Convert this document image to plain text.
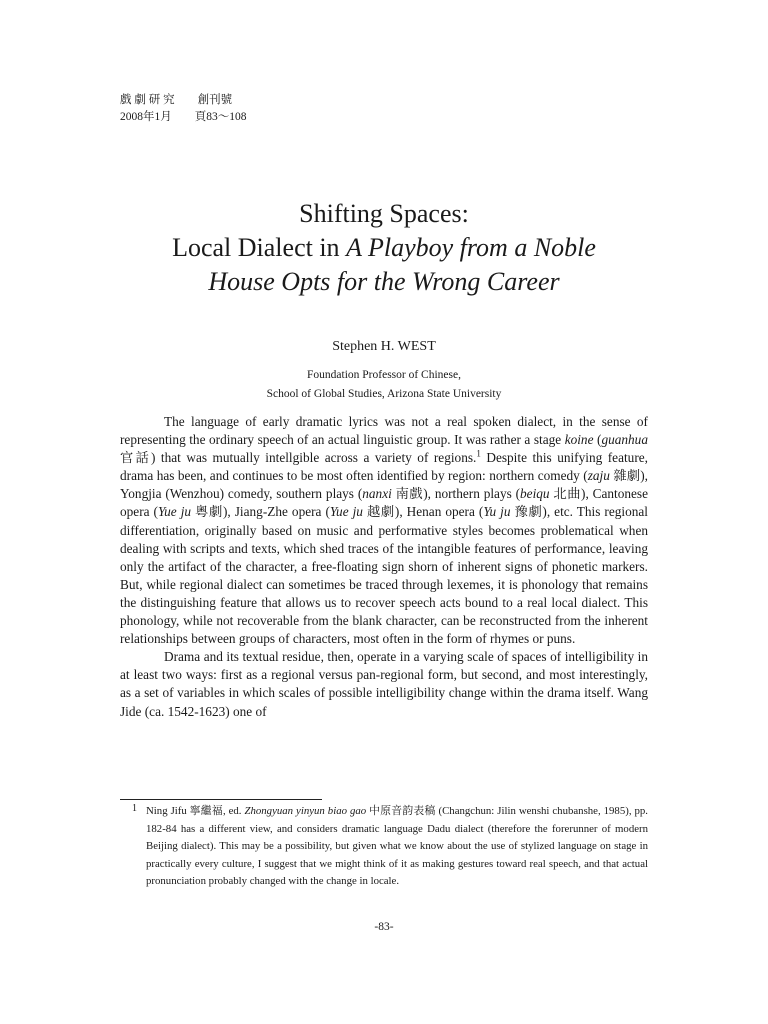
戲 劇 研 究　　創刊號
2008年1月　　頁83～108
Shifting Spaces:
Local Dialect in A Playboy from a Noble
House Opts for the Wrong Career
Stephen H. WEST
Foundation Professor of Chinese,
School of Global Studies, Arizona State University

The language of early dramatic lyrics was not a real spoken dialect, in the sense of representing the ordinary speech of an actual linguistic group. It was rather a stage koine (guanhua 官話) that was mutually intellgible across a variety of regions.$^1$ Despite this unifying feature, drama has been, and continues to be most often identified by region: northern comedy (zaju 雜劇), Yongjia (Wenzhou) comedy, southern plays (nanxi 南戲), northern plays (beiqu 北曲), Cantonese opera (Yue ju 粵劇), Jiang-Zhe opera (Yue ju 越劇), Henan opera (Yu ju 豫劇), etc. This regional differentiation, originally based on music and performative styles becomes problematical when dealing with scripts and texts, which shed traces of the intangible features of performance, leaving only the artifact of the character, a free-floating sign shorn of inherent signs of phonetic markers. But, while regional dialect can sometimes be traced through lexemes, it is phonology that remains the distinguishing feature that allows us to recover speech acts bound to a real local dialect. This phonology, while not recoverable from the blank character, can be reconstructed from the inherent relationships between groups of characters, most often in the form of rhymes or puns.

Drama and its textual residue, then, operate in a varying scale of spaces of intelligibility in at least two ways: first as a regional versus pan-regional form, but second, and most interestingly, as a set of variables in which scales of possible intelligibility change within the drama itself. Wang Jide (ca. 1542-1623) one of

1 Ning Jifu 寧繼福, ed. Zhongyuan yinyun biao gao 中原音韵表稿 (Changchun: Jilin wenshi chubanshe, 1985), pp. 182-84 has a different view, and considers dramatic language Dadu dialect (therefore the forerunner of modern Beijing dialect). This may be a possibility, but given what we know about the use of stylized language on stage in practically every culture, I suggest that we might think of it as making gestures toward real speech, and that actual pronunciation probably changed with the change in locale.
-83-
